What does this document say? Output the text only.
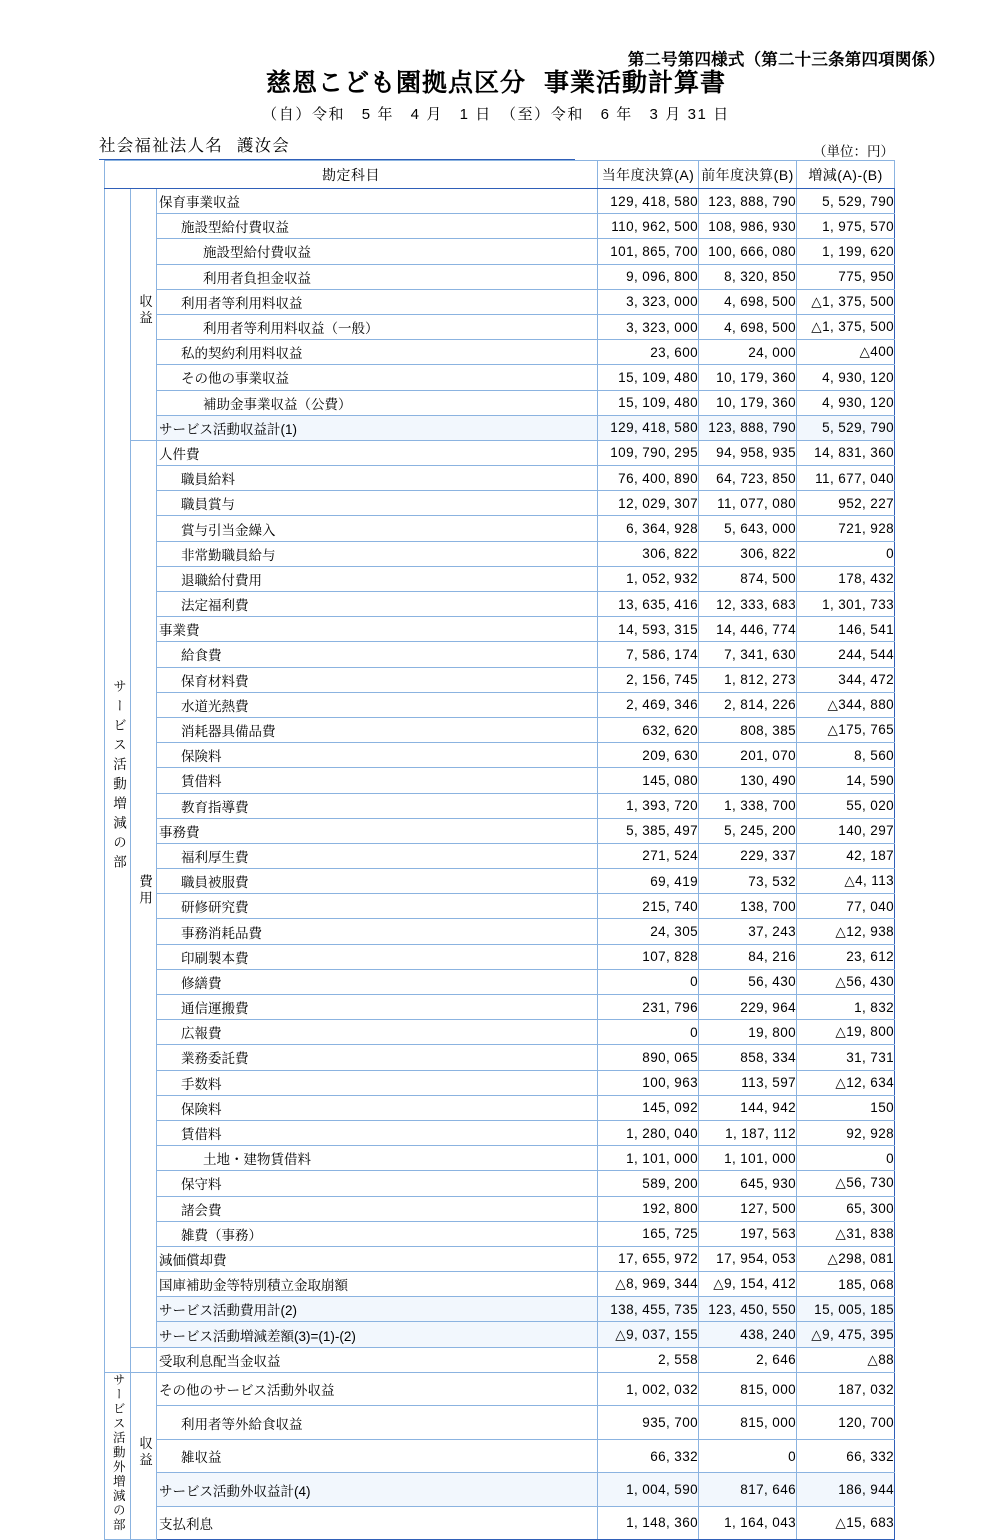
第二号第四様式（第二十三条第四項関係）
慈恩こども園拠点区分 事業活動計算書
（自）令和　5 年　4 月　1 日　（至）令和　6 年　3 月 31 日
社会福祉法人名 護汝会	（単位：円）
勘定科目			当年度決算(A)	前年度決算(B)	増減(A)-(B)
サービス活動増減の部	収益	保育事業収益	129, 418, 580	123, 888, 790	5, 529, 790
		施設型給付費収益	110, 962, 500	108, 986, 930	1, 975, 570
		施設型給付費収益	101, 865, 700	100, 666, 080	1, 199, 620
		利用者負担金収益	9, 096, 800	8, 320, 850	775, 950
		利用者等利用料収益	3, 323, 000	4, 698, 500	△1, 375, 500
		利用者等利用料収益（一般）	3, 323, 000	4, 698, 500	△1, 375, 500
		私的契約利用料収益	23, 600	24, 000	△400
		その他の事業収益	15, 109, 480	10, 179, 360	4, 930, 120
		補助金事業収益（公費）	15, 109, 480	10, 179, 360	4, 930, 120
		サービス活動収益計(1)	129, 418, 580	123, 888, 790	5, 529, 790
	費用	人件費	109, 790, 295	94, 958, 935	14, 831, 360
		職員給料	76, 400, 890	64, 723, 850	11, 677, 040
		職員賞与	12, 029, 307	11, 077, 080	952, 227
		賞与引当金繰入	6, 364, 928	5, 643, 000	721, 928
		非常勤職員給与	306, 822	306, 822	0
		退職給付費用	1, 052, 932	874, 500	178, 432
		法定福利費	13, 635, 416	12, 333, 683	1, 301, 733
		事業費	14, 593, 315	14, 446, 774	146, 541
		給食費	7, 586, 174	7, 341, 630	244, 544
		保育材料費	2, 156, 745	1, 812, 273	344, 472
		水道光熱費	2, 469, 346	2, 814, 226	△344, 880
		消耗器具備品費	632, 620	808, 385	△175, 765
		保険料	209, 630	201, 070	8, 560
		賃借料	145, 080	130, 490	14, 590
		教育指導費	1, 393, 720	1, 338, 700	55, 020
		事務費	5, 385, 497	5, 245, 200	140, 297
		福利厚生費	271, 524	229, 337	42, 187
		職員被服費	69, 419	73, 532	△4, 113
		研修研究費	215, 740	138, 700	77, 040
		事務消耗品費	24, 305	37, 243	△12, 938
		印刷製本費	107, 828	84, 216	23, 612
		修繕費	0	56, 430	△56, 430
		通信運搬費	231, 796	229, 964	1, 832
		広報費	0	19, 800	△19, 800
		業務委託費	890, 065	858, 334	31, 731
		手数料	100, 963	113, 597	△12, 634
		保険料	145, 092	144, 942	150
		賃借料	1, 280, 040	1, 187, 112	92, 928
		土地・建物賃借料	1, 101, 000	1, 101, 000	0
		保守料	589, 200	645, 930	△56, 730
		諸会費	192, 800	127, 500	65, 300
		雑費（事務）	165, 725	197, 563	△31, 838
		減価償却費	17, 655, 972	17, 954, 053	△298, 081
		国庫補助金等特別積立金取崩額	△8, 969, 344	△9, 154, 412	185, 068
		サービス活動費用計(2)	138, 455, 735	123, 450, 550	15, 005, 185
		サービス活動増減差額(3)=(1)-(2)	△9, 037, 155	438, 240	△9, 475, 395
		受取利息配当金収益	2, 558	2, 646	△88
サービス活動外増減の部	収益	その他のサービス活動外収益	1, 002, 032	815, 000	187, 032
		利用者等外給食収益	935, 700	815, 000	120, 700
		雑収益	66, 332	0	66, 332
		サービス活動外収益計(4)	1, 004, 590	817, 646	186, 944
		支払利息	1, 148, 360	1, 164, 043	△15, 683
